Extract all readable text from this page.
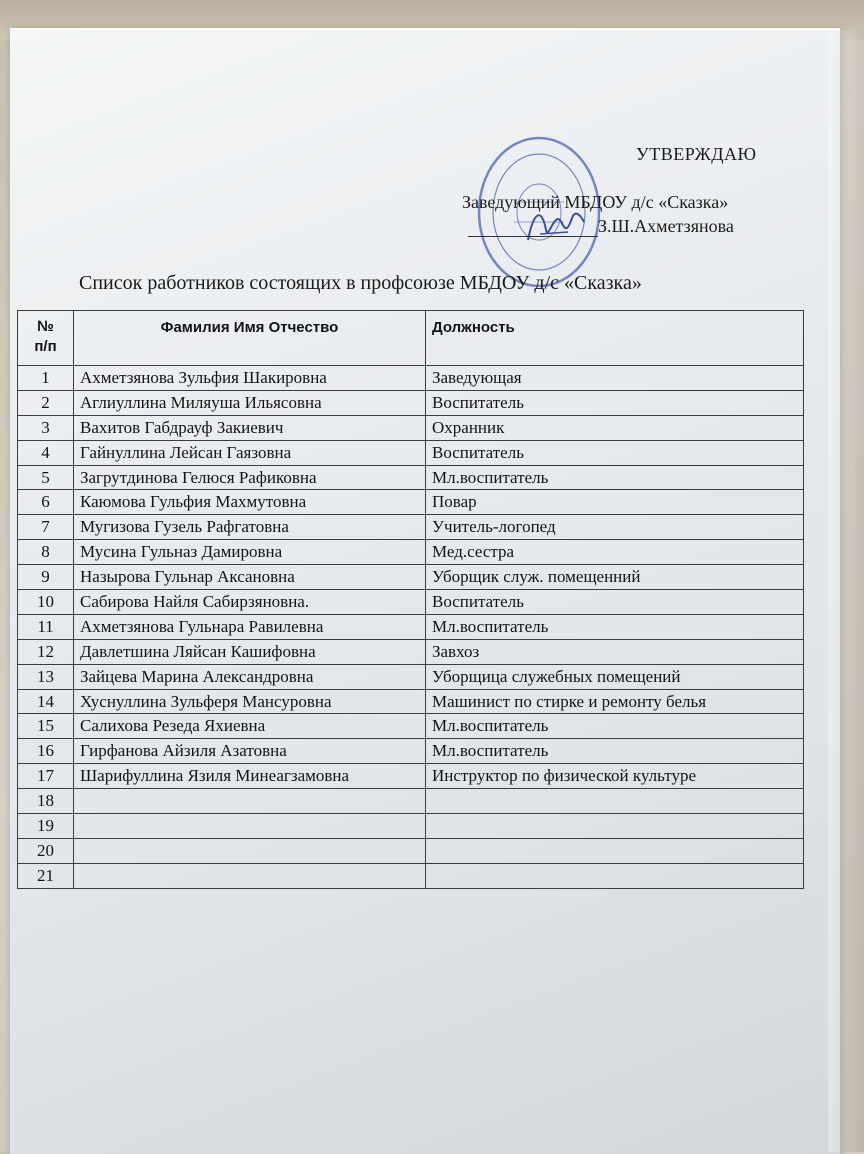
УТВЕРЖДАЮ
Заведующий МБДОУ д/с «Сказка»
З.Ш.Ахметзянова
Список работников состоящих в профсоюзе МБДОУ д/с «Сказка»
№
п/п	Фамилия Имя Отчество	Должность
1	Ахметзянова Зульфия Шакировна	Заведующая
2	Аглиуллина Миляуша Ильясовна	Воспитатель
3	Вахитов Габдрауф Закиевич	Охранник
4	Гайнуллина Лейсан Гаязовна	Воспитатель
5	Загрутдинова Гелюся Рафиковна	Мл.воспитатель
6	Каюмова Гульфия Махмутовна	Повар
7	Мугизова Гузель Рафгатовна	Учитель-логопед
8	Мусина Гульназ Дамировна	Мед.сестра
9	Назырова Гульнар Аксановна	Уборщик служ. помещенний
10	Сабирова Найля Сабирзяновна.	Воспитатель
11	Ахметзянова Гульнара Равилевна	Мл.воспитатель
12	Давлетшина Ляйсан Кашифовна	Завхоз
13	Зайцева Марина Александровна	Уборщица служебных помещений
14	Хуснуллина Зульферя Мансуровна	Машинист по стирке и ремонту белья
15	Салихова Резеда Яхиевна	Мл.воспитатель
16	Гирфанова Айзиля Азатовна	Мл.воспитатель
17	Шарифуллина Язиля Минеагзамовна	Инструктор по физической культуре
18		
19		
20		
21		
